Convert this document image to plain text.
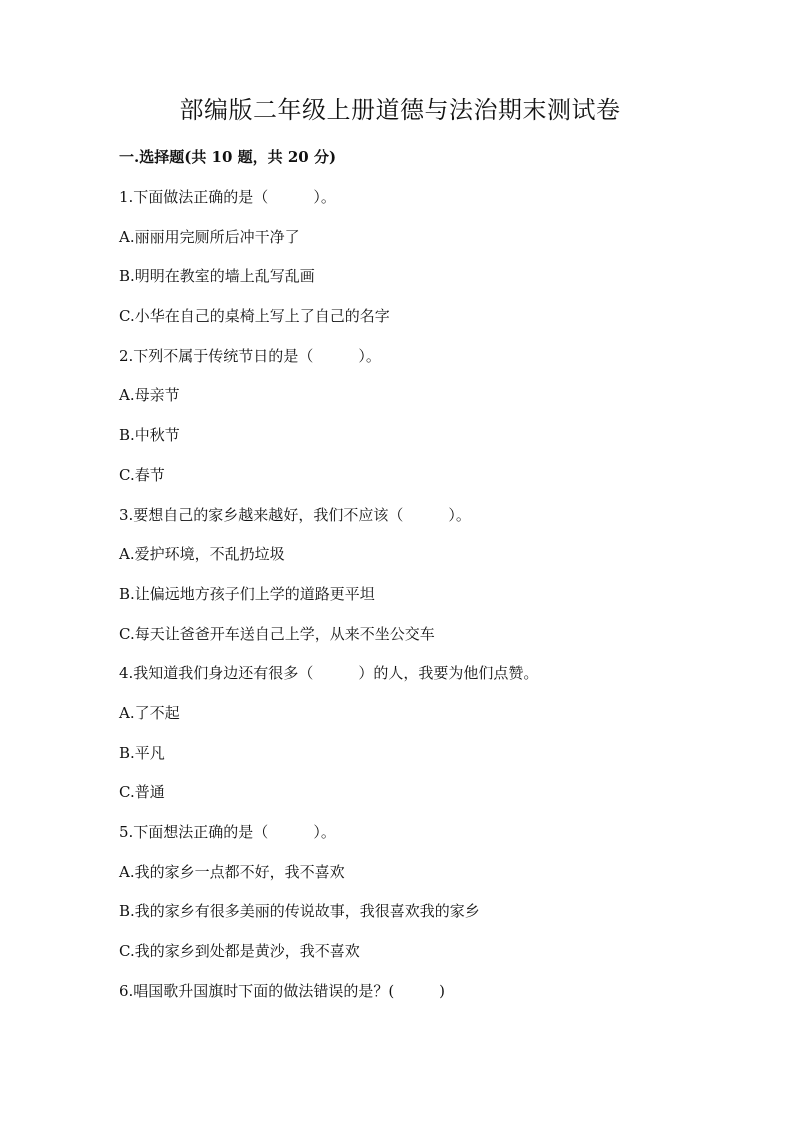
部编版二年级上册道德与法治期末测试卷
一.选择题(共 10 题，共 20 分)
1.下面做法正确的是（　　　）。
A.丽丽用完厕所后冲干净了
B.明明在教室的墙上乱写乱画
C.小华在自己的桌椅上写上了自己的名字
2.下列不属于传统节日的是（　　　）。
A.母亲节
B.中秋节
C.春节
3.要想自己的家乡越来越好，我们不应该（　　　）。
A.爱护环境，不乱扔垃圾
B.让偏远地方孩子们上学的道路更平坦
C.每天让爸爸开车送自己上学，从来不坐公交车
4.我知道我们身边还有很多（　　　）的人，我要为他们点赞。
A.了不起
B.平凡
C.普通
5.下面想法正确的是（　　　）。
A.我的家乡一点都不好，我不喜欢
B.我的家乡有很多美丽的传说故事，我很喜欢我的家乡
C.我的家乡到处都是黄沙，我不喜欢
6.唱国歌升国旗时下面的做法错误的是？(　　　)
